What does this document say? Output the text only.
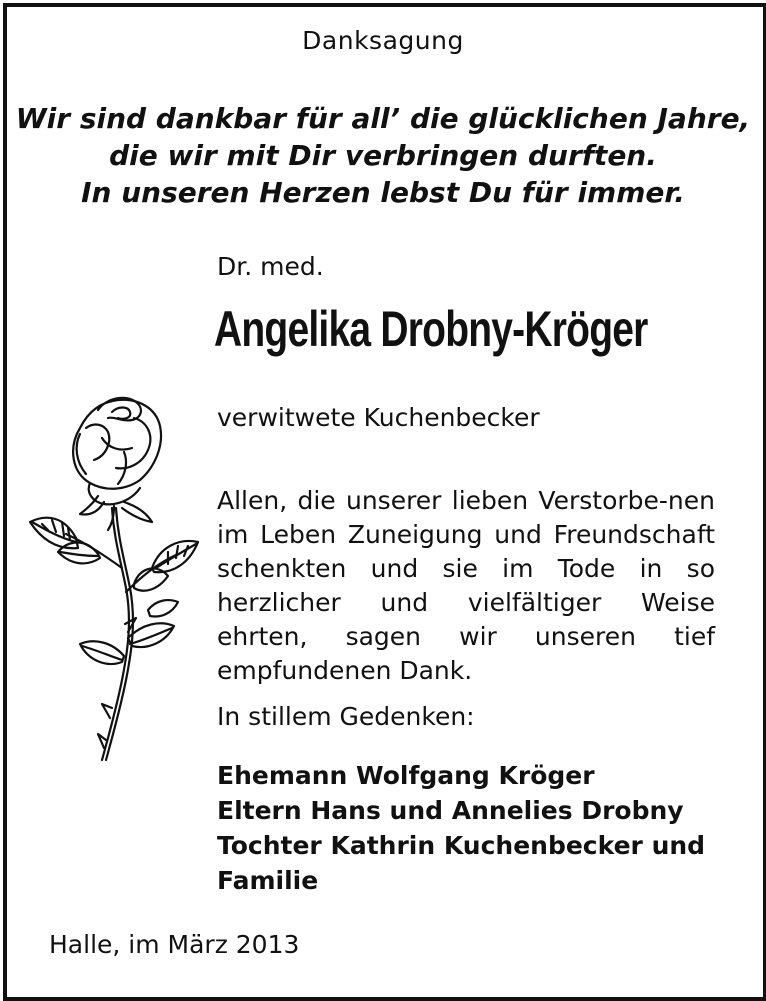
Danksagung
Wir sind dankbar für all’ die glücklichen Jahre,
die wir mit Dir verbringen durften.
In unseren Herzen lebst Du für immer.
Dr. med.
Angelika Drobny-Kröger
verwitwete Kuchenbecker
Allen, die unserer lieben Verstorbe-nen im Leben Zuneigung und Freundschaft schenkten und sie im Tode in so herzlicher und vielfältiger Weise ehrten, sagen wir unseren tief empfundenen Dank.
In stillem Gedenken:
Ehemann Wolfgang Kröger
Eltern Hans und Annelies Drobny
Tochter Kathrin Kuchenbecker und
Familie
Halle, im März 2013
